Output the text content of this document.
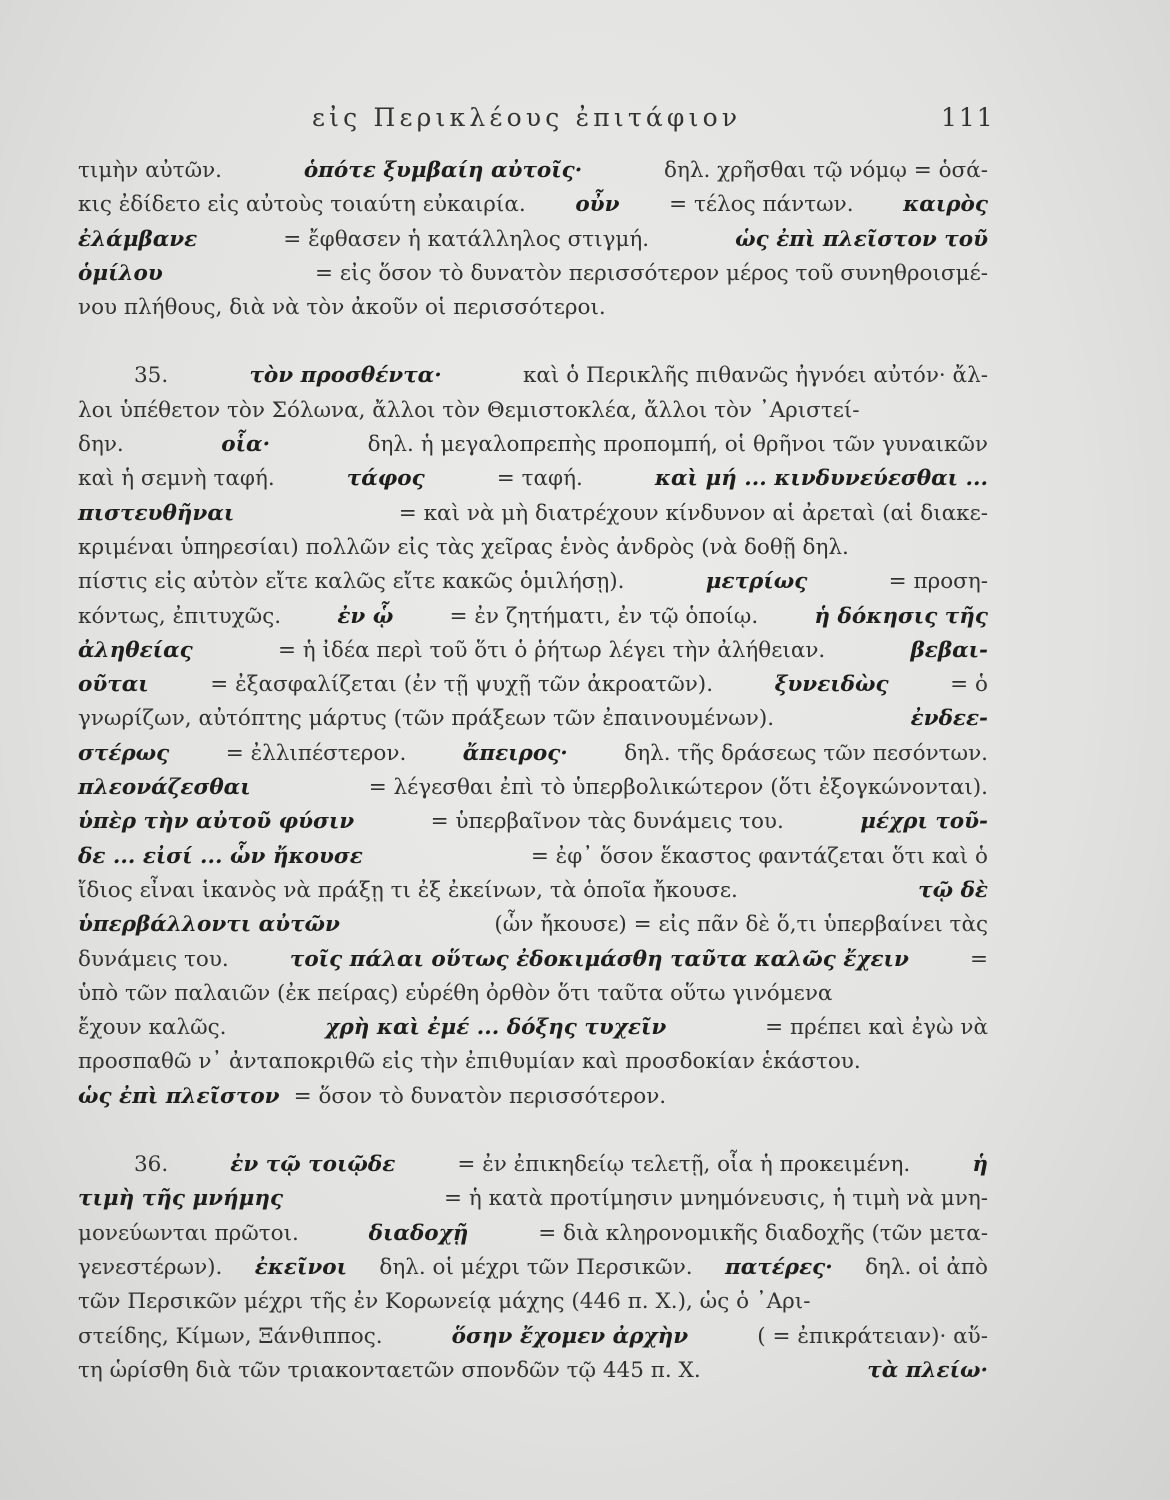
εἰς Περικλέους ἐπιτάφιον	111
τιμὴν αὐτῶν.	ὁπότε ξυμβαίη αὐτοῖς·	δηλ. χρῆσθαι τῷ νόμῳ = ὁσά-
κις ἐδίδετο εἰς αὐτοὺς τοιαύτη εὐκαιρία. οὖν = τέλος πάντων. καιρὸς
ἐλάμβανε	= ἔφθασεν ἡ κατάλληλος στιγμή.	ὡς ἐπὶ πλεῖστον τοῦ
ὁμίλου	= εἰς ὅσον τὸ δυνατὸν περισσότερον μέρος τοῦ συνηθροισμέ-
νου πλήθους, διὰ νὰ τὸν ἀκοῦν οἱ περισσότεροι.
35.	τὸν προσθέντα·	καὶ ὁ Περικλῆς πιθανῶς ἠγνόει αὐτόν· ἄλ-
λοι ὑπέθετον τὸν Σόλωνα, ἄλλοι τὸν Θεμιστοκλέα, ἄλλοι τὸν ᾿Αριστεί-
δην.	οἷα·	δηλ. ἡ μεγαλοπρεπὴς προπομπή, οἱ θρῆνοι τῶν γυναικῶν
καὶ ἡ σεμνὴ ταφή.	τάφος	= ταφή.	καὶ μή ... κινδυνεύεσθαι ...
πιστευθῆναι	= καὶ νὰ μὴ διατρέχουν κίνδυνον αἱ ἀρεταὶ (αἱ διακε-
κριμέναι ὑπηρεσίαι) πολλῶν εἰς τὰς χεῖρας ἑνὸς ἀνδρὸς (νὰ δοθῇ δηλ.
πίστις εἰς αὐτὸν εἴτε καλῶς εἴτε κακῶς ὁμιλήσῃ).	μετρίως	= προση-
κόντως, ἐπιτυχῶς.	ἐν ᾧ	= ἐν ζητήματι, ἐν τῷ ὁποίῳ.	ἡ δόκησις τῆς
ἀληθείας	= ἡ ἰδέα περὶ τοῦ ὅτι ὁ ῥήτωρ λέγει τὴν ἀλήθειαν.	βεβαι-
οῦται	= ἐξασφαλίζεται (ἐν τῇ ψυχῇ τῶν ἀκροατῶν).	ξυνειδὼς	= ὁ
γνωρίζων, αὐτόπτης μάρτυς (τῶν πράξεων τῶν ἐπαινουμένων).	ἐνδεε-
στέρως	= ἐλλιπέστερον.	ἄπειρος·	δηλ. τῆς δράσεως τῶν πεσόντων.
πλεονάζεσθαι	= λέγεσθαι ἐπὶ τὸ ὑπερβολικώτερον (ὅτι ἐξογκώνονται).
ὑπὲρ τὴν αὐτοῦ φύσιν	= ὑπερβαῖνον τὰς δυνάμεις του.	μέχρι τοῦ-
δε ... εἰσί ... ὧν ἤκουσε	= ἐφ᾽ ὅσον ἕκαστος φαντάζεται ὅτι καὶ ὁ
ἴδιος εἶναι ἱκανὸς νὰ πράξῃ τι ἐξ ἐκείνων, τὰ ὁποῖα ἤκουσε.	τῷ δὲ
ὑπερβάλλοντι αὐτῶν	(ὧν ἤκουσε) = εἰς πᾶν δὲ ὅ,τι ὑπερβαίνει τὰς
δυνάμεις του.	τοῖς πάλαι οὕτως ἐδοκιμάσθη ταῦτα καλῶς ἔχειν	=
ὑπὸ τῶν παλαιῶν (ἐκ πείρας) εὑρέθη ὀρθὸν ὅτι ταῦτα οὕτω γινόμενα
ἔχουν καλῶς.	χρὴ καὶ ἐμέ ... δόξης τυχεῖν	= πρέπει καὶ ἐγὼ νὰ
προσπαθῶ ν᾽ ἀνταποκριθῶ εἰς τὴν ἐπιθυμίαν καὶ προσδοκίαν ἑκάστου.
ὡς ἐπὶ πλεῖστον = ὅσον τὸ δυνατὸν περισσότερον.
36.	ἐν τῷ τοιῷδε	= ἐν ἐπικηδείῳ τελετῇ, οἷα ἡ προκειμένη.	ἡ
τιμὴ τῆς μνήμης	= ἡ κατὰ προτίμησιν μνημόνευσις, ἡ τιμὴ νὰ μνη-
μονεύωνται πρῶτοι.	διαδοχῇ	= διὰ κληρονομικῆς διαδοχῆς (τῶν μετα-
γενεστέρων). ἐκεῖνοι δηλ. οἱ μέχρι τῶν Περσικῶν. πατέρες· δηλ. οἱ ἀπὸ
τῶν Περσικῶν μέχρι τῆς ἐν Κορωνείᾳ μάχης (446 π. Χ.), ὡς ὁ ᾽Αρι-
στείδης, Κίμων, Ξάνθιππος.	ὅσην ἔχομεν ἀρχὴν	( = ἐπικράτειαν)· αὕ-
τη ὡρίσθη διὰ τῶν τριακονταετῶν σπονδῶν τῷ 445 π. Χ.	τὰ πλείω·
